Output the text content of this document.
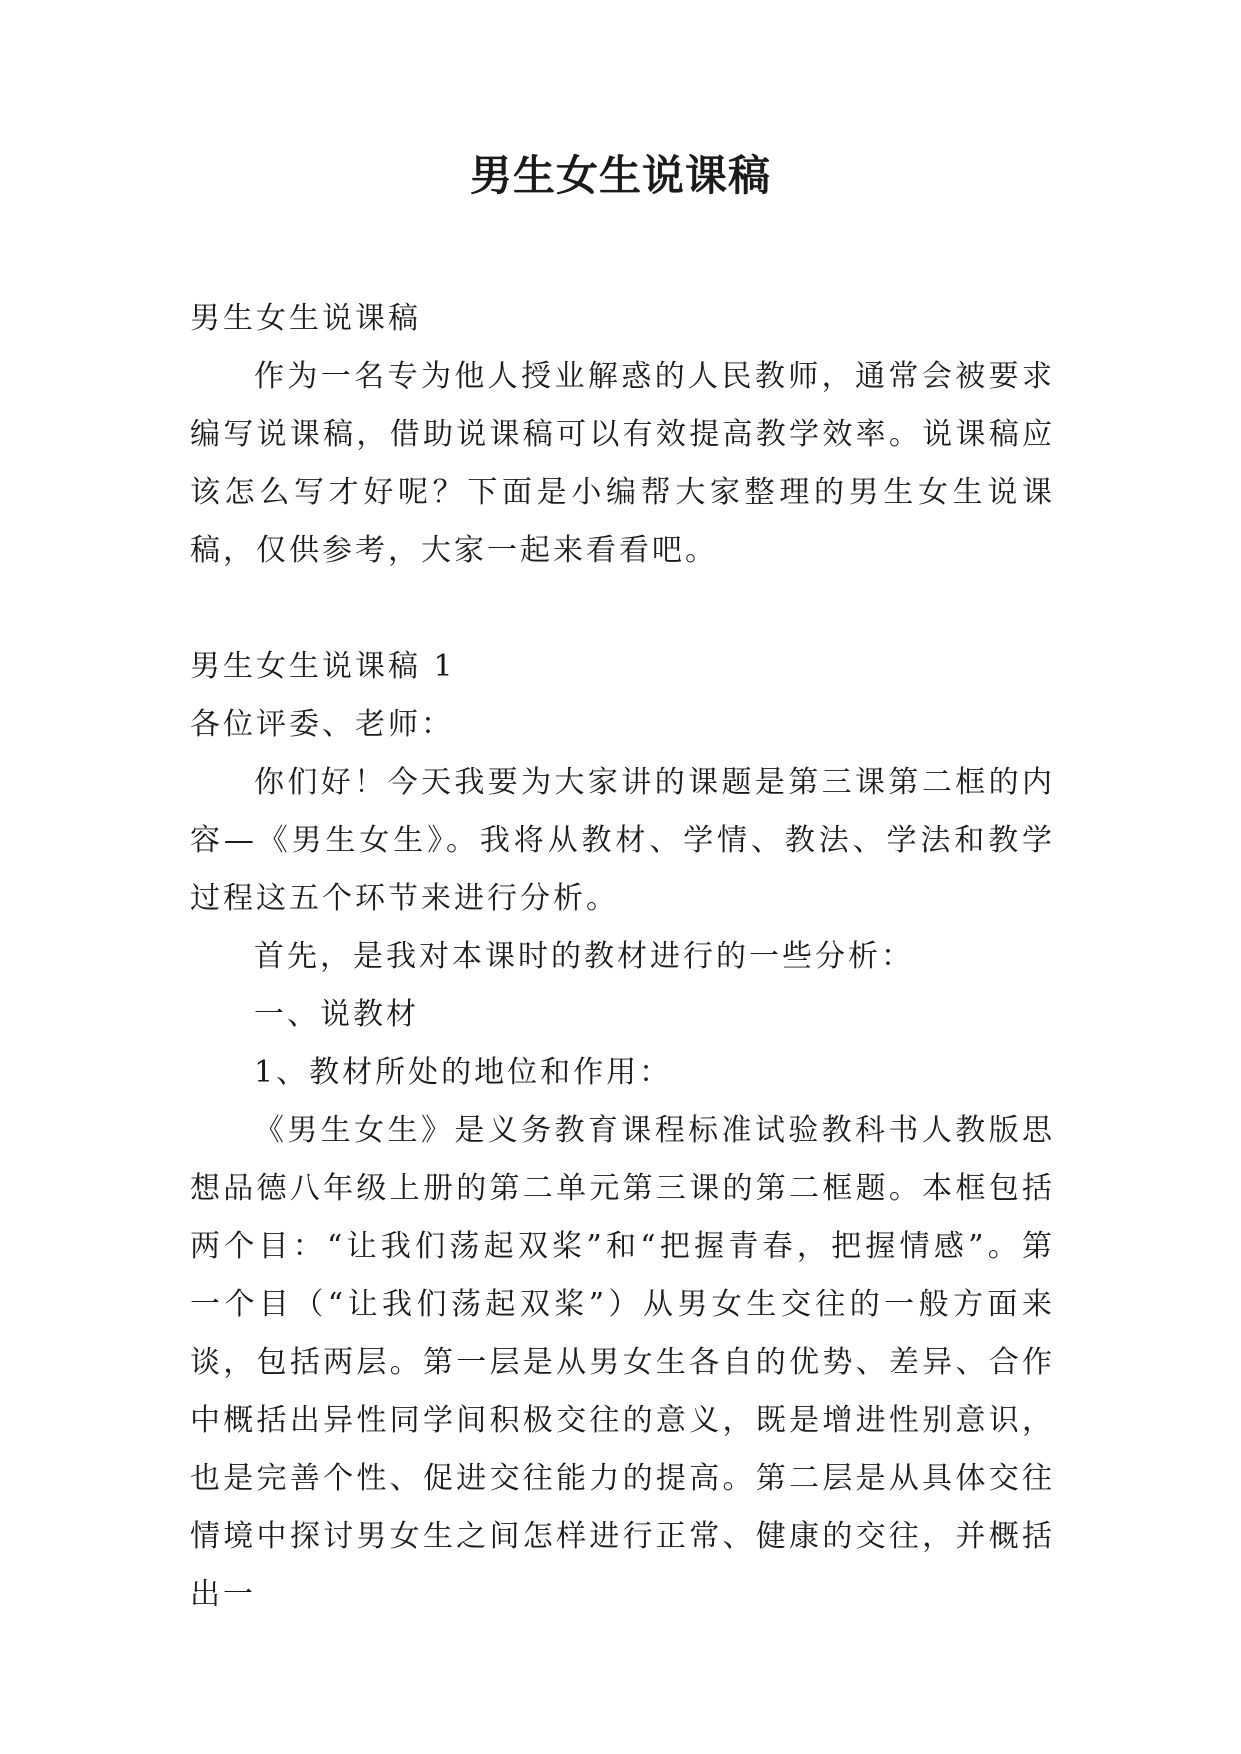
男生女生说课稿

男生女生说课稿

作为一名专为他人授业解惑的人民教师，通常会被要求编写说课稿，借助说课稿可以有效提高教学效率。说课稿应该怎么写才好呢？下面是小编帮大家整理的男生女生说课稿，仅供参考，大家一起来看看吧。

男生女生说课稿 1

各位评委、老师：

你们好！今天我要为大家讲的课题是第三课第二框的内容—《男生女生》。我将从教材、学情、教法、学法和教学过程这五个环节来进行分析。

首先，是我对本课时的教材进行的一些分析：

一、说教材

1、教材所处的地位和作用：

《男生女生》是义务教育课程标准试验教科书人教版思想品德八年级上册的第二单元第三课的第二框题。本框包括两个目：“让我们荡起双桨”和“把握青春，把握情感”。第一个目（“让我们荡起双桨”）从男女生交往的一般方面来谈，包括两层。第一层是从男女生各自的优势、差异、合作中概括出异性同学间积极交往的意义，既是增进性别意识，也是完善个性、促进交往能力的提高。第二层是从具体交往情境中探讨男女生之间怎样进行正常、健康的交往，并概括出一
